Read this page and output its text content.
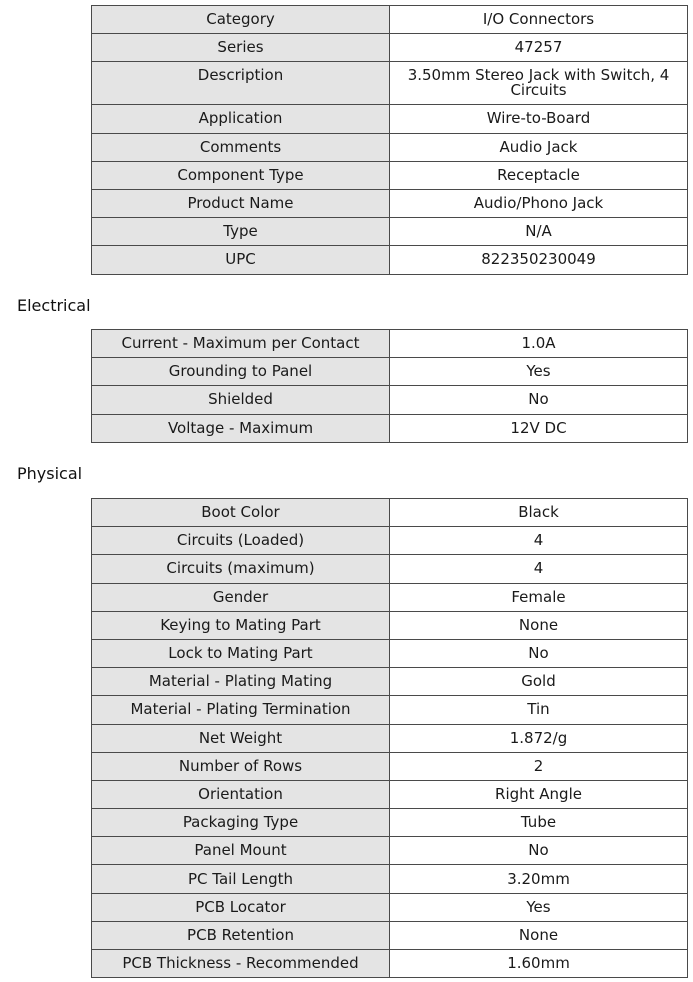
Category	I/O Connectors
Series	47257
Description	3.50mm Stereo Jack with Switch, 4 Circuits
Application	Wire-to-Board
Comments	Audio Jack
Component Type	Receptacle
Product Name	Audio/Phono Jack
Type	N/A
UPC	822350230049
Electrical
Current - Maximum per Contact	1.0A
Grounding to Panel	Yes
Shielded	No
Voltage - Maximum	12V DC
Physical
Boot Color	Black
Circuits (Loaded)	4
Circuits (maximum)	4
Gender	Female
Keying to Mating Part	None
Lock to Mating Part	No
Material - Plating Mating	Gold
Material - Plating Termination	Tin
Net Weight	1.872/g
Number of Rows	2
Orientation	Right Angle
Packaging Type	Tube
Panel Mount	No
PC Tail Length	3.20mm
PCB Locator	Yes
PCB Retention	None
PCB Thickness - Recommended	1.60mm
